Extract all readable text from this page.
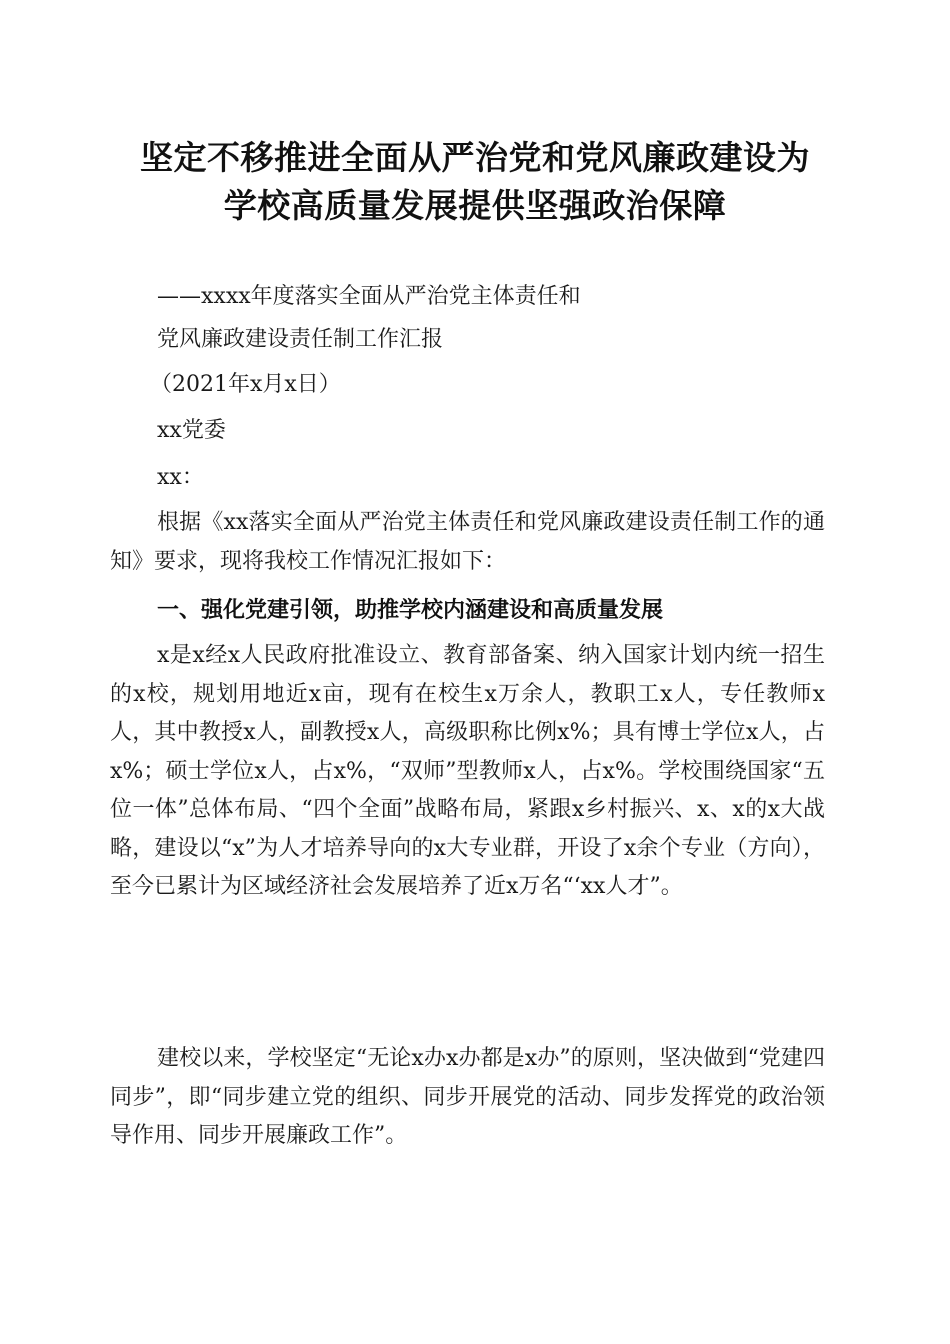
坚定不移推进全面从严治党和党风廉政建设为
学校高质量发展提供坚强政治保障
——xxxx年度落实全面从严治党主体责任和
党风廉政建设责任制工作汇报
（2021年x月x日）
xx党委
xx：
根据《xx落实全面从严治党主体责任和党风廉政建设责任制工作的通知》要求，现将我校工作情况汇报如下：
一、强化党建引领，助推学校内涵建设和高质量发展
x是x经x人民政府批准设立、教育部备案、纳入国家计划内统一招生的x校，规划用地近x亩，现有在校生x万余人，教职工x人，专任教师x人，其中教授x人，副教授x人，高级职称比例x%；具有博士学位x人，占x%；硕士学位x人，占x%，“双师”型教师x人，占x%。学校围绕国家“五位一体”总体布局、“四个全面”战略布局，紧跟x乡村振兴、x、x的x大战略，建设以“x”为人才培养导向的x大专业群，开设了x余个专业（方向），至今已累计为区域经济社会发展培养了近x万名“‘xx人才”。
建校以来，学校坚定“无论x办x办都是x办”的原则，坚决做到“党建四同步”，即“同步建立党的组织、同步开展党的活动、同步发挥党的政治领导作用、同步开展廉政工作”。
